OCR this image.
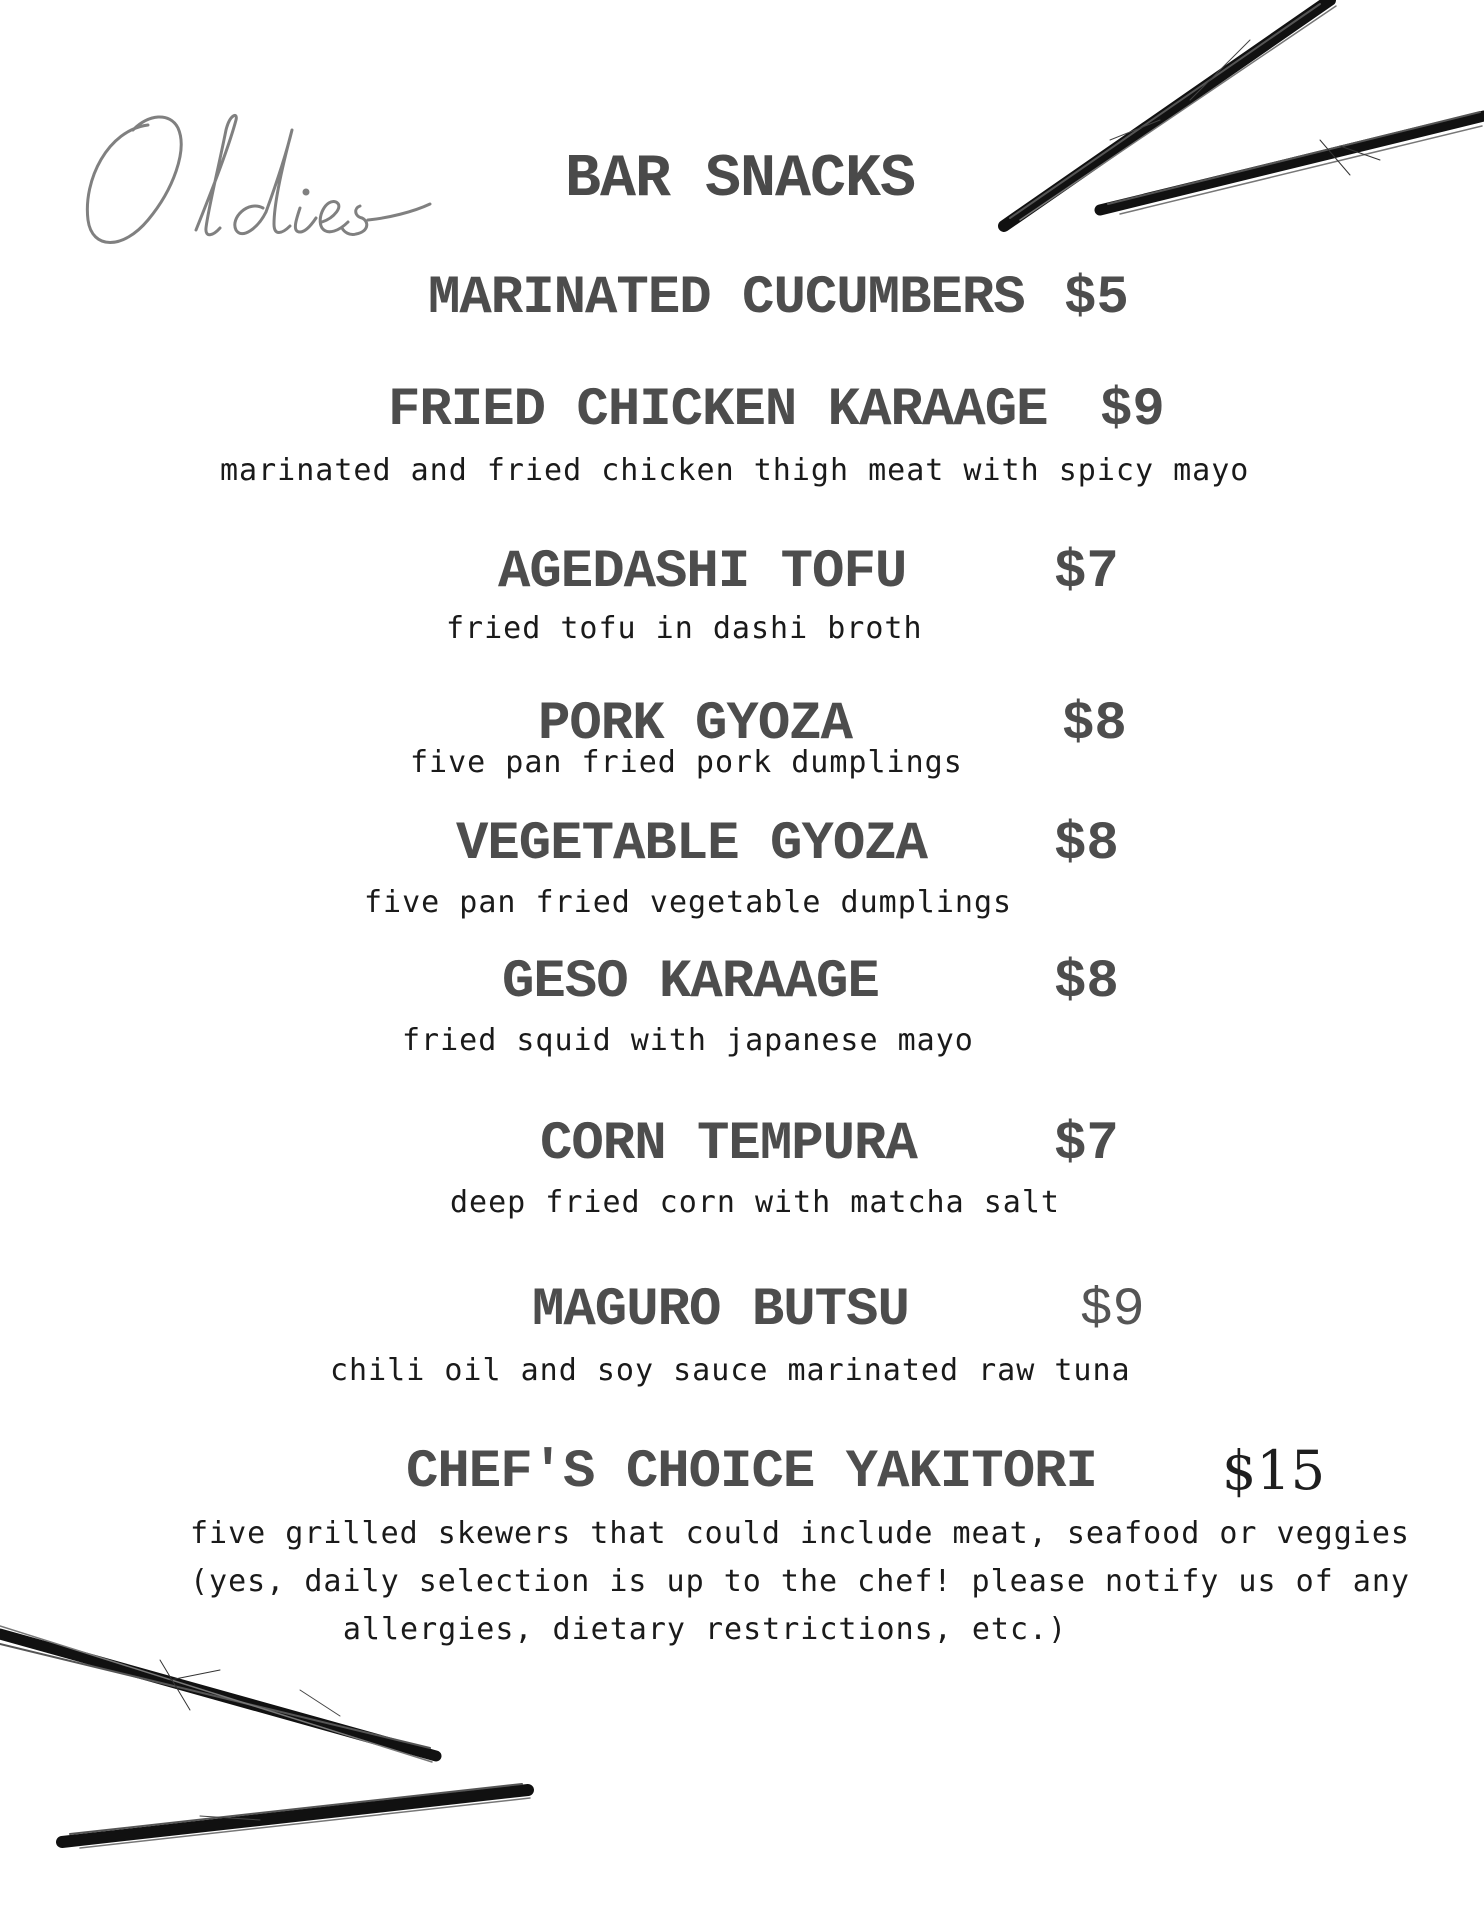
BAR SNACKS
MARINATED CUCUMBERS $5
FRIED CHICKEN KARAAGE $9
marinated and fried chicken thigh meat with spicy mayo
AGEDASHI TOFU	$7
fried tofu in dashi broth
PORK GYOZA	$8
five pan fried pork dumplings
VEGETABLE GYOZA $8
five pan fried vegetable dumplings
GESO KARAAGE	$8
fried squid with japanese mayo
CORN TEMPURA	$7
deep fried corn with matcha salt
MAGURO BUTSU	$9
chili oil and soy sauce marinated raw tuna
CHEF'S CHOICE YAKITORI $15
five grilled skewers that could include meat, seafood or veggies
(yes, daily selection is up to the chef! please notify us of any
allergies, dietary restrictions, etc.)
